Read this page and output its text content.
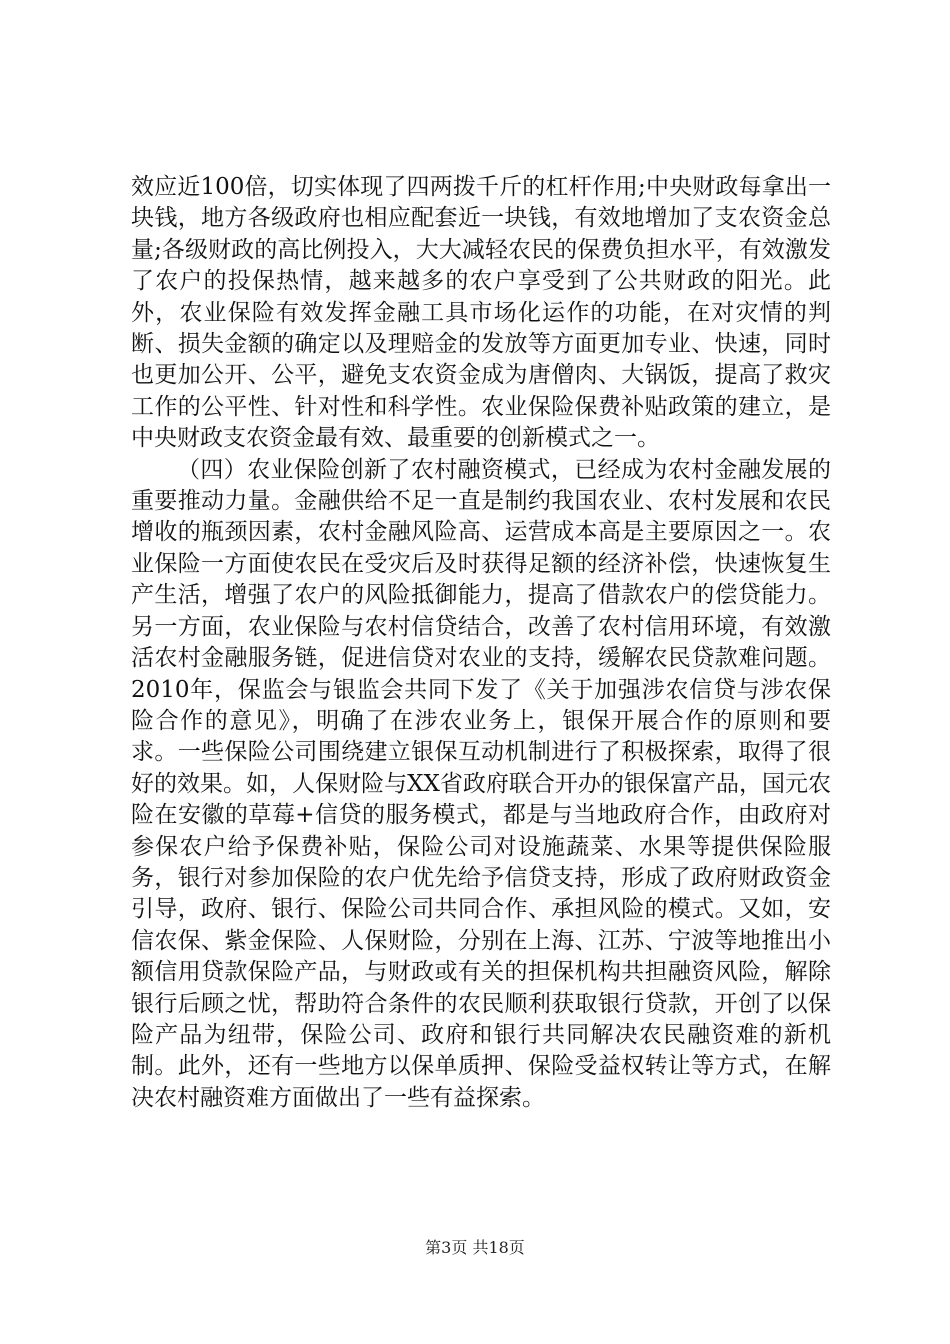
效应近100倍，切实体现了四两拨千斤的杠杆作用;中央财政每拿出一块钱，地方各级政府也相应配套近一块钱，有效地增加了支农资金总量;各级财政的高比例投入，大大减轻农民的保费负担水平，有效激发了农户的投保热情，越来越多的农户享受到了公共财政的阳光。此外，农业保险有效发挥金融工具市场化运作的功能，在对灾情的判断、损失金额的确定以及理赔金的发放等方面更加专业、快速，同时也更加公开、公平，避免支农资金成为唐僧肉、大锅饭，提高了救灾工作的公平性、针对性和科学性。农业保险保费补贴政策的建立，是中央财政支农资金最有效、最重要的创新模式之一。

（四）农业保险创新了农村融资模式，已经成为农村金融发展的重要推动力量。金融供给不足一直是制约我国农业、农村发展和农民增收的瓶颈因素，农村金融风险高、运营成本高是主要原因之一。农业保险一方面使农民在受灾后及时获得足额的经济补偿，快速恢复生产生活，增强了农户的风险抵御能力，提高了借款农户的偿贷能力。另一方面，农业保险与农村信贷结合，改善了农村信用环境，有效激活农村金融服务链，促进信贷对农业的支持，缓解农民贷款难问题。2010年，保监会与银监会共同下发了《关于加强涉农信贷与涉农保险合作的意见》，明确了在涉农业务上，银保开展合作的原则和要求。一些保险公司围绕建立银保互动机制进行了积极探索，取得了很好的效果。如，人保财险与XX省政府联合开办的银保富产品，国元农险在安徽的草莓+信贷的服务模式，都是与当地政府合作，由政府对参保农户给予保费补贴，保险公司对设施蔬菜、水果等提供保险服务，银行对参加保险的农户优先给予信贷支持，形成了政府财政资金引导，政府、银行、保险公司共同合作、承担风险的模式。又如，安信农保、紫金保险、人保财险，分别在上海、江苏、宁波等地推出小额信用贷款保险产品，与财政或有关的担保机构共担融资风险，解除银行后顾之忧，帮助符合条件的农民顺利获取银行贷款，开创了以保险产品为纽带，保险公司、政府和银行共同解决农民融资难的新机制。此外，还有一些地方以保单质押、保险受益权转让等方式，在解决农村融资难方面做出了一些有益探索。

第3页 共18页
